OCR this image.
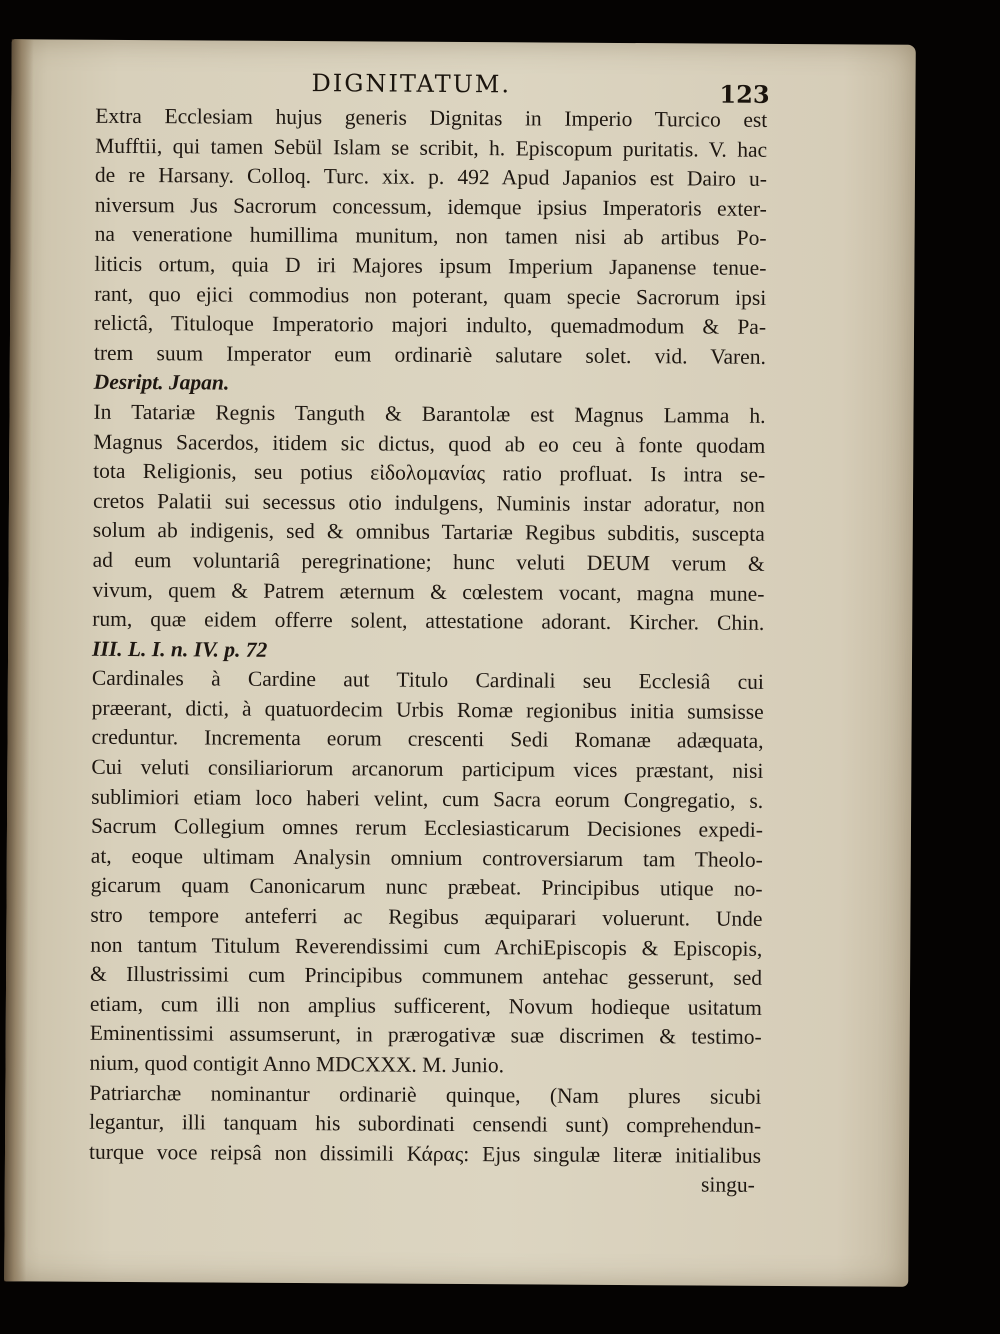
DIGNITATUM.	123
Extra Ecclesiam hujus generis Dignitas in Imperio Turcico est
Mufftii, qui tamen Sebül Islam se scribit, h. Episcopum puritatis. V. hac
de re Harsany. Colloq. Turc. xix. p. 492 Apud Japanios est Dairo u-
niversum Jus Sacrorum concessum, idemque ipsius Imperatoris exter-
na veneratione humillima munitum, non tamen nisi ab artibus Po-
liticis ortum, quia D iri Majores ipsum Imperium Japanense tenue-
rant, quo ejici commodius non poterant, quam specie Sacrorum ipsi
relictâ, Tituloque Imperatorio majori indulto, quemadmodum & Pa-
trem suum Imperator eum ordinariè salutare solet. vid. Varen.
Desript. Japan.
In Tatariæ Regnis Tanguth & Barantolæ est Magnus Lamma h.
Magnus Sacerdos, itidem sic dictus, quod ab eo ceu à fonte quodam
tota Religionis, seu potius εἰδολομανίας ratio profluat. Is intra se-
cretos Palatii sui secessus otio indulgens, Numinis instar adoratur, non
solum ab indigenis, sed & omnibus Tartariæ Regibus subditis, suscepta
ad eum voluntariâ peregrinatione; hunc veluti DEUM verum &
vivum, quem & Patrem æternum & cœlestem vocant, magna mune-
rum, quæ eidem offerre solent, attestatione adorant. Kircher. Chin.
III. L. I. n. IV. p. 72
Cardinales à Cardine aut Titulo Cardinali seu Ecclesiâ cui
præerant, dicti, à quatuordecim Urbis Romæ regionibus initia sumsisse
creduntur. Incrementa eorum crescenti Sedi Romanæ adæquata,
Cui veluti consiliariorum arcanorum participum vices præstant, nisi
sublimiori etiam loco haberi velint, cum Sacra eorum Congregatio, s.
Sacrum Collegium omnes rerum Ecclesiasticarum Decisiones expedi-
at, eoque ultimam Analysin omnium controversiarum tam Theolo-
gicarum quam Canonicarum nunc præbeat. Principibus utique no-
stro tempore anteferri ac Regibus æquiparari voluerunt. Unde
non tantum Titulum Reverendissimi cum ArchiEpiscopis & Episcopis,
& Illustrissimi cum Principibus communem antehac gesserunt, sed
etiam, cum illi non amplius sufficerent, Novum hodieque usitatum
Eminentissimi assumserunt, in prærogativæ suæ discrimen & testimo-
nium, quod contigit Anno MDCXXX. M. Junio.
Patriarchæ nominantur ordinariè quinque, (Nam plures sicubi
legantur, illi tanquam his subordinati censendi sunt) comprehendun-
turque voce reipsâ non dissimili Κάρας: Ejus singulæ literæ initialibus
singu-
